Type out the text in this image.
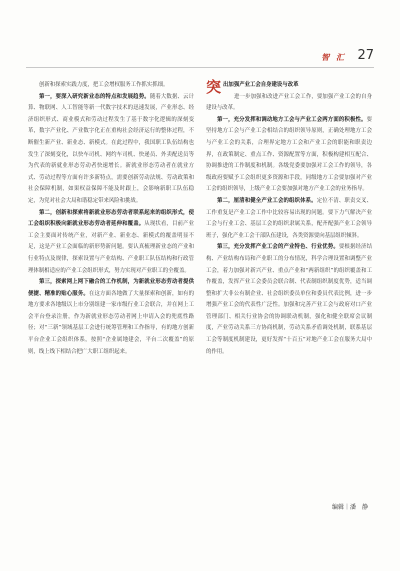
智 汇 27

创新和探索实践力度，把工会增权服务工作抓实抓细。

第一，要深入研究新业态的特点和发展趋势。随着大数据、云计算、物联网、人工智能等新一代数字技术的迅速发展，产业形态、经济组织形式、商业模式和劳动过程发生了基于数字化逻辑的深刻变革，数字产业化、产业数字化正在重构社会经济运行的整体过程，不断催生新产业、新业态、新模式。在此过程中，我国职工队伍结构也发生了深刻变化，以快车司机、网约车司机、快递员、外卖配送员等为代表的新就业形态劳动者快速增长。新就业形态劳动者在就业方式、劳动过程等方面有许多新特点，需要创新劳动法规、劳动政策和社会保障机制，如果权益保障不能及时跟上，会影响新职工队伍稳定，为党对社会大局和谐稳定带来风险和挑战。

第二，创新和探索将新就业形态劳动者联系起来的组织形式，使工会组织积极向新就业形态劳动者延伸和覆盖。从现状看，目前产业工会主要面对传统产业，对新产业、新业态、新模式的覆盖明显不足，这是产业工会面临的新形势新问题。要认真梳理新业态的产业和行业特点及规律，探索设置与产业结构、产业职工队伍结构和行政管理体制相适应的产业工会组织形式，努力实现对产业职工的全覆盖。

第三，探索网上网下融合的工作机制，为新就业形态劳动者提供便捷、精准的贴心服务。在这方面各地做了大量探索和创新，如有的地方要求各地级以上市分别组建一家市级行业工会联合，并在网上工会平台登录注册，作为新就业形态劳动者网上申请入会的兜底性路径；对“三新”领域基层工会进行统筹管理和工作指导，有的地方创新平台企业工会组织体系，按照“企业属地建会，平台二次覆盖”的原则，线上线下相结合把广大职工组织起来。

突出加强产业工会自身建设与改革

进一步加强和改进产业工会工作，要加强产业工会的自身建设与改革。

第一，充分发挥和调动地方工会与产业工会两方面的积极性。要坚持地方工会与产业工会相结合的组织领导原则，正确处理地方工会与产业工会的关系，合理界定地方工会和产业工会的职能和职责边界，在政策制定、重点工作、资源配置等方面，积极构建相互配合、协调推进的工作制度和机制。各级党委要加强对工会工作的领导，各级政府要赋予工会组织更多资源和手段，同级地方工会要加强对产业工会的组织领导，上级产业工会要加强对地方产业工会的业务指导。

第二，厘清和健全产业工会的组织体系。定位不清、职责交叉、工作重复是产业工会工作中比较容易出现的问题。要下力气解决产业工会与行业工会、基层工会的组织隶属关系，配齐配强产业工会领导班子，强化产业工会干部队伍建设，各类资源要向基层组织倾斜。

第三，充分发挥产业工会的产业特色、行业优势。要根据经济结构、产业结构布局和产业职工的分布情况，科学合理设置和调整产业工会，着力加强对新兴产业、重点产业和“两新组织”的组织覆盖和工作覆盖，发挥产业工会委员会联合制、代表制组织制度优势，适当调整和扩大非公有制企业、社会组织委员单位和委员代表比例，进一步增强产业工会的代表性广泛性。加强和完善产业工会与政府对口产业管理部门、相关行业协会的协调联动机制，强化和健全联席会议制度，产业劳动关系三方协商机制，劳动关系矛盾调处机制，联系基层工会等制度机制建设，更好发挥“十百五”对地产业工会在服务大局中的作用。

编辑｜潘　静
